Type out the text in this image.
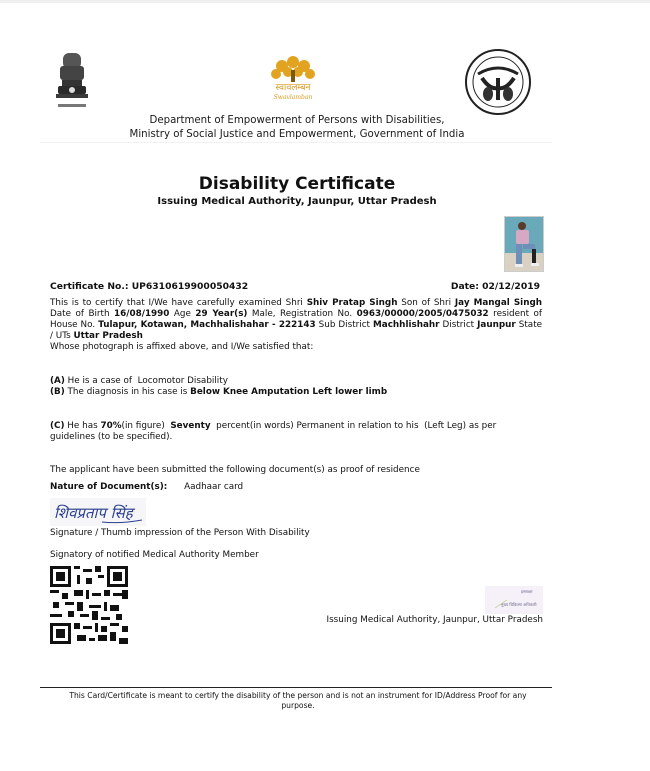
स्वावलम्बन
Swavlamban
Department of Empowerment of Persons with Disabilities,
Ministry of Social Justice and Empowerment, Government of India
Disability Certificate
Issuing Medical Authority, Jaunpur, Uttar Pradesh
Certificate No.: UP6310619900050432	Date: 02/12/2019
This is to certify that I/We have carefully examined Shri Shiv Pratap Singh Son of Shri Jay Mangal Singh Date of Birth 16/08/1990 Age 29 Year(s) Male, Registration No. 0963/00000/2005/0475032 resident of House No. Tulapur, Kotawan, Machhalishahar - 222143 Sub District Machhlishahr District Jaunpur State / UTs Uttar Pradesh
Whose photograph is affixed above, and I/We satisfied that:
(A) He is a case of Locomotor Disability
(B) The diagnosis in his case is Below Knee Amputation Left lower limb
(C) He has 70%(in figure) Seventy percent(in words) Permanent in relation to his (Left Leg) as per guidelines (to be specified).
The applicant have been submitted the following document(s) as proof of residence
Nature of Document(s): Aadhaar card
शिवप्रताप सिंह
Signature / Thumb impression of the Person With Disability
Signatory of notified Medical Authority Member
हस्ताक्षर
मुख्य चिकित्सा अधिकारी
Issuing Medical Authority, Jaunpur, Uttar Pradesh
This Card/Certificate is meant to certify the disability of the person and is not an instrument for ID/Address Proof for any purpose.
